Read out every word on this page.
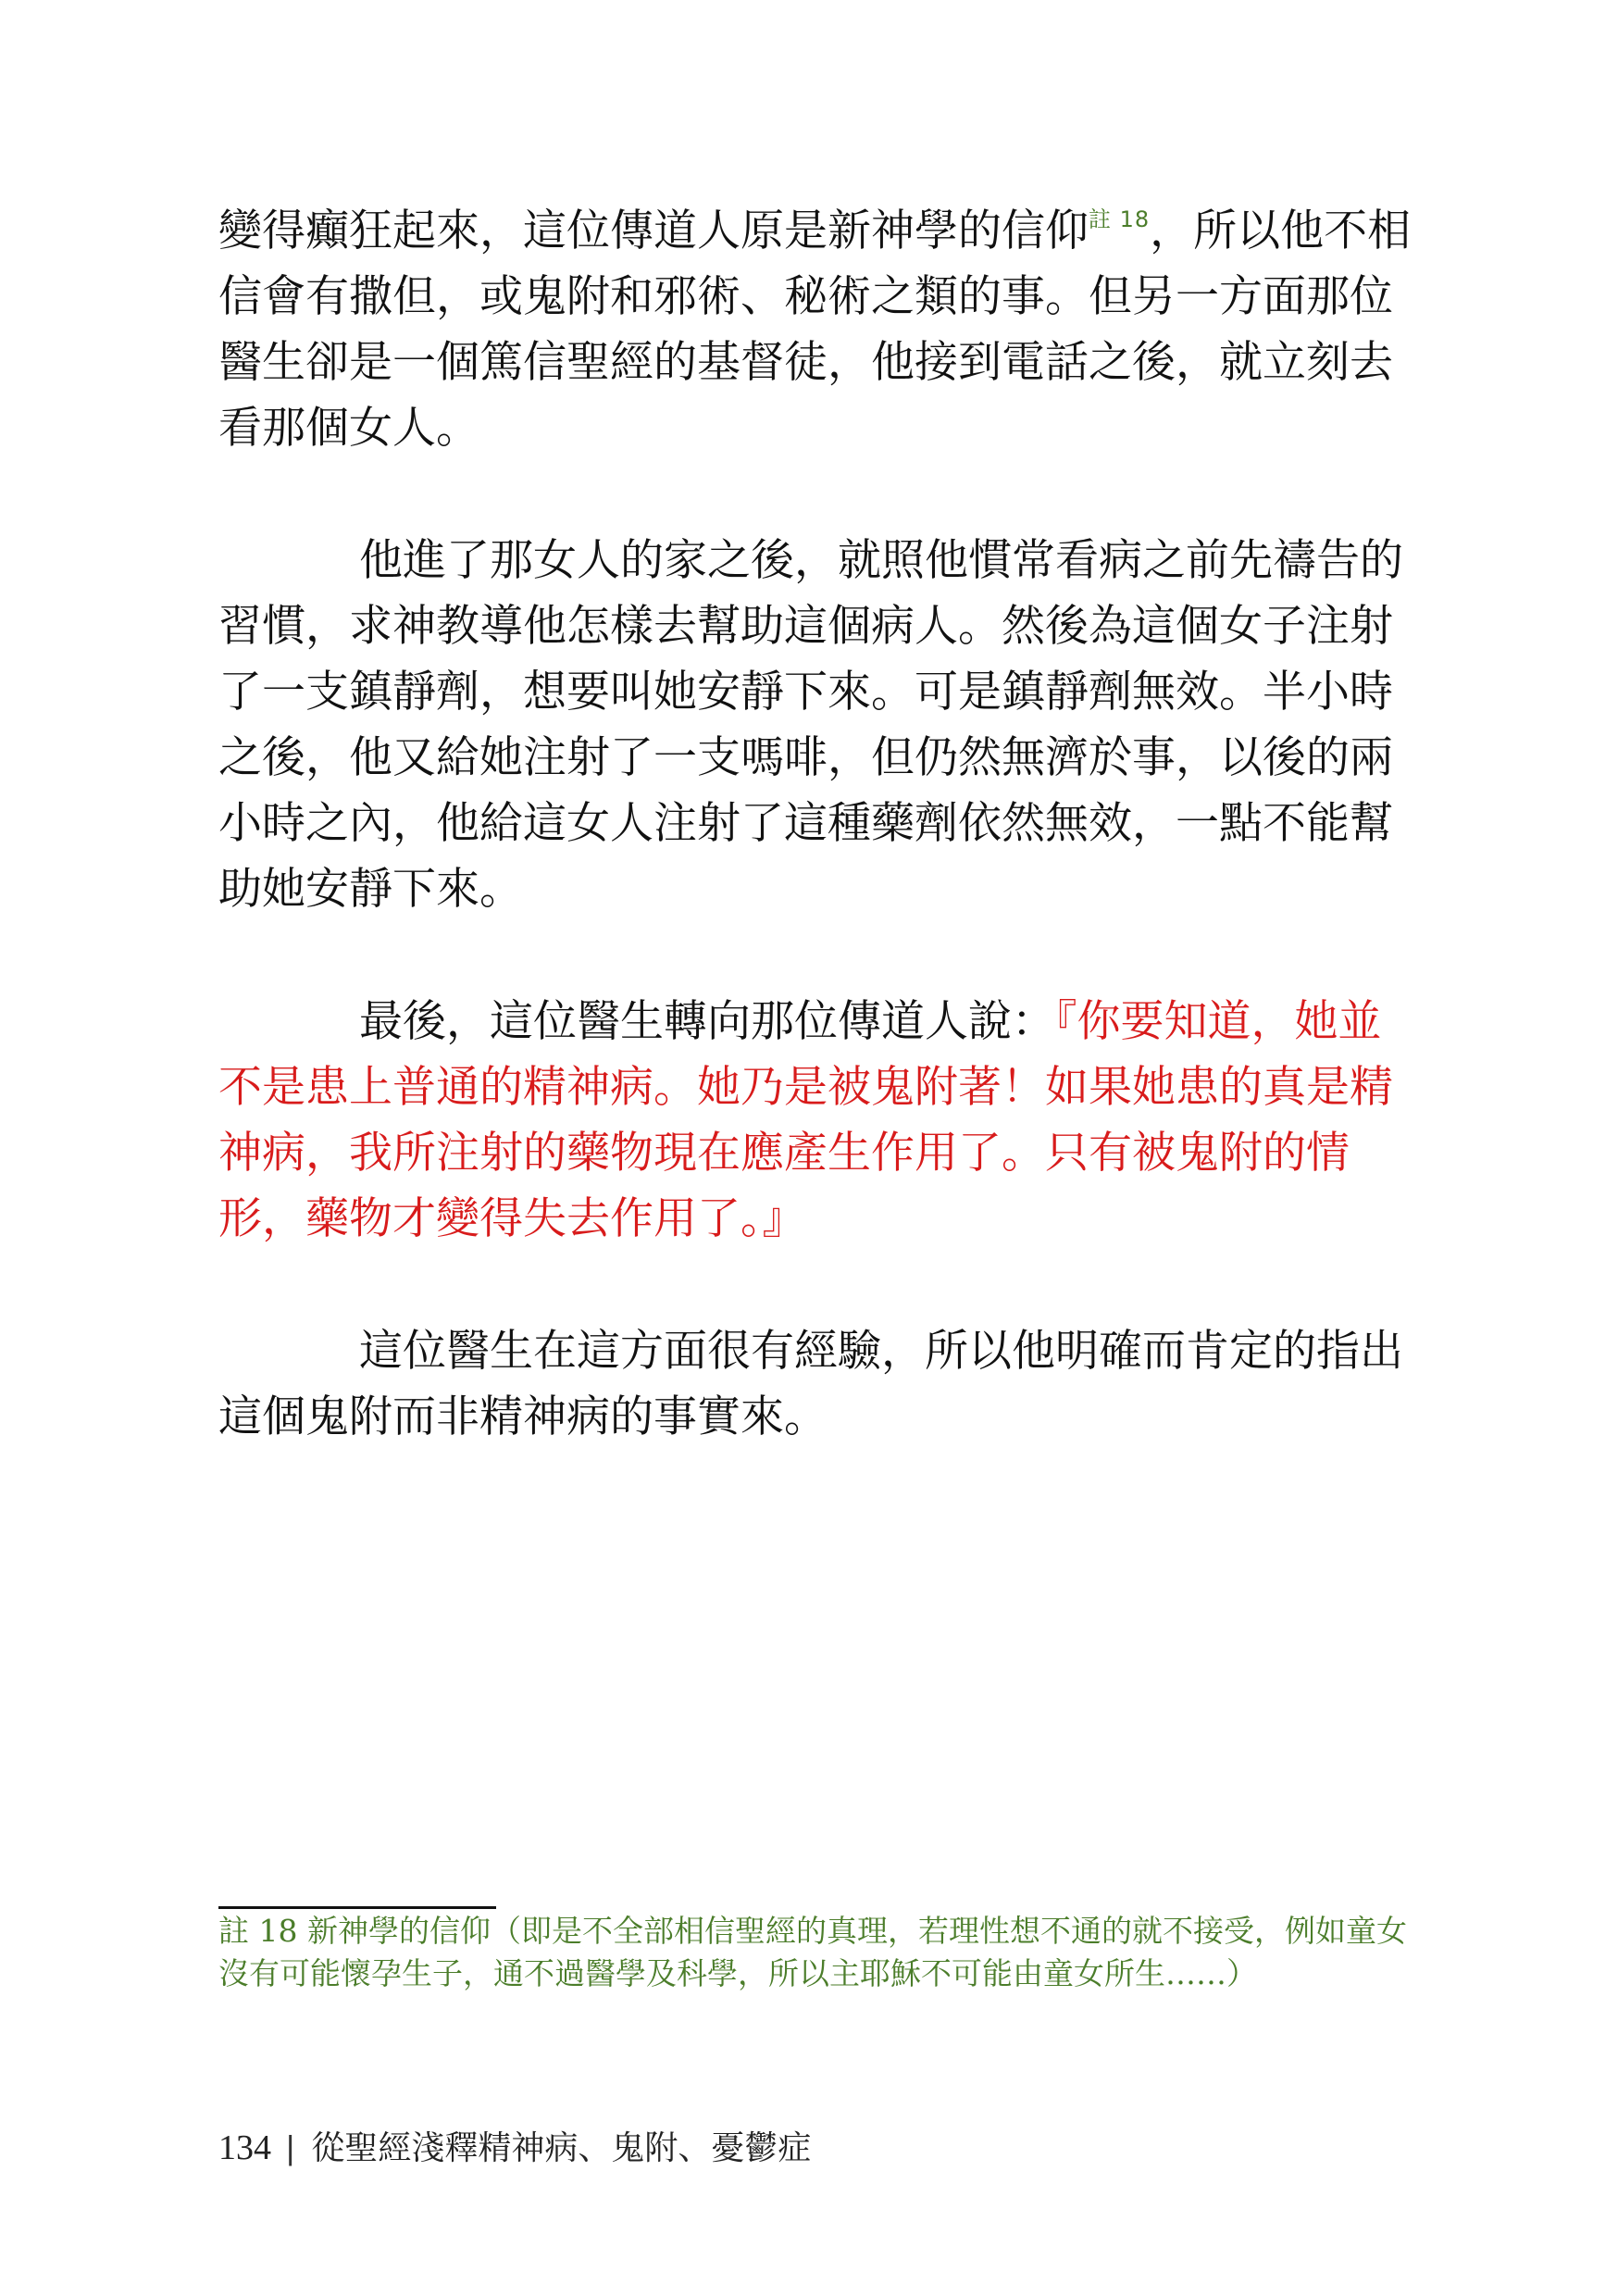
變得癲狂起來，這位傳道人原是新神學的信仰$^{註 18}$，所以他不相信會有撒但，或鬼附和邪術、秘術之類的事。但另一方面那位醫生卻是一個篤信聖經的基督徒，他接到電話之後，就立刻去看那個女人。

他進了那女人的家之後，就照他慣常看病之前先禱告的習慣，求神教導他怎樣去幫助這個病人。然後為這個女子注射了一支鎮靜劑，想要叫她安靜下來。可是鎮靜劑無效。半小時之後，他又給她注射了一支嗎啡，但仍然無濟於事，以後的兩小時之內，他給這女人注射了這種藥劑依然無效，一點不能幫助她安靜下來。

最後，這位醫生轉向那位傳道人說：『你要知道，她並不是患上普通的精神病。她乃是被鬼附著！如果她患的真是精神病，我所注射的藥物現在應產生作用了。只有被鬼附的情形，藥物才變得失去作用了。』

這位醫生在這方面很有經驗，所以他明確而肯定的指出這個鬼附而非精神病的事實來。

註 18 新神學的信仰（即是不全部相信聖經的真理，若理性想不通的就不接受，例如童女沒有可能懷孕生子，通不過醫學及科學，所以主耶穌不可能由童女所生……）

134 | 從聖經淺釋精神病、鬼附、憂鬱症
